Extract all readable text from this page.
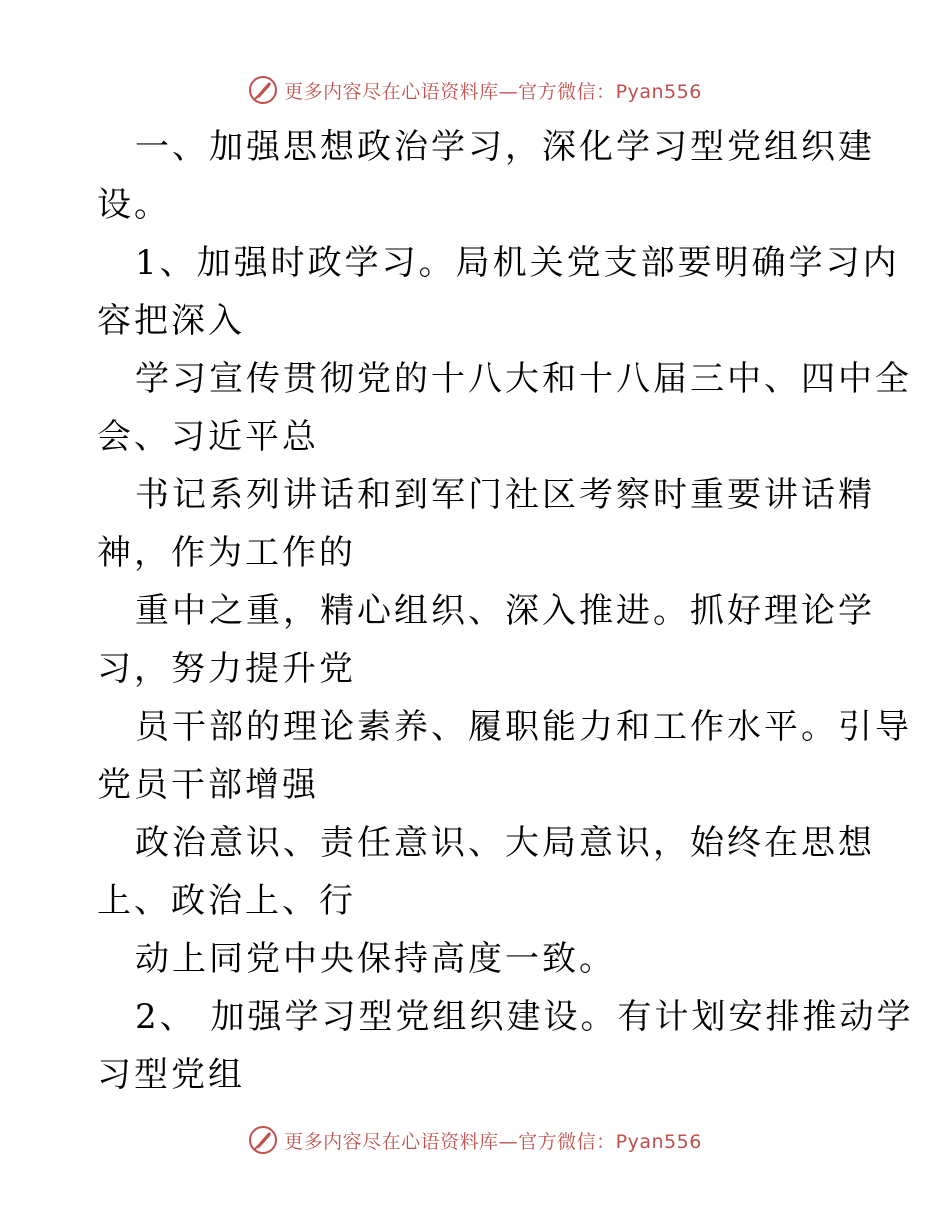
更多内容尽在心语资料库—官方微信：Pyan556
一、加强思想政治学习，深化学习型党组织建
设。
1、加强时政学习。局机关党支部要明确学习内
容把深入
学习宣传贯彻党的十八大和十八届三中、四中全
会、习近平总
书记系列讲话和到军门社区考察时重要讲话精
神，作为工作的
重中之重，精心组织、深入推进。抓好理论学
习，努力提升党
员干部的理论素养、履职能力和工作水平。引导
党员干部增强
政治意识、责任意识、大局意识，始终在思想
上、政治上、行
动上同党中央保持高度一致。
2、 加强学习型党组织建设。有计划安排推动学
习型党组
更多内容尽在心语资料库—官方微信：Pyan556
